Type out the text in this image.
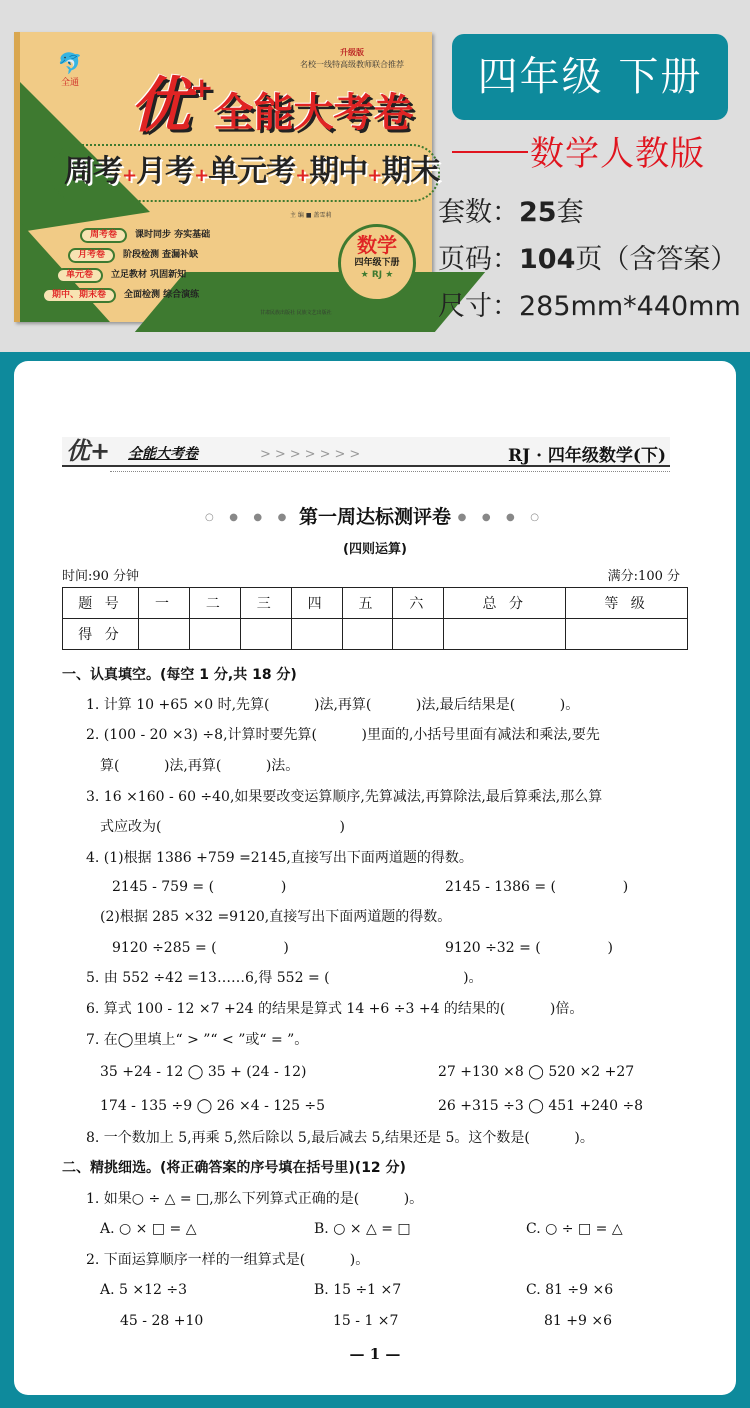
🐬
全通
升级版
名校一线特高级教师联合推荐
优+全能大考卷
周考+月考+单元考+期中+期末
主 编 ■ 盖雪莉
周考卷	课时同步 夯实基础
月考卷	阶段检测 查漏补缺
单元卷	立足教材 巩固新知
期中、期末卷	全面检测 综合演练
数学
四年级下册
★ RJ ★
甘肃民族出版社 民族文艺出版社
四年级 下册
数学人教版
套数：25套
页码：104页（含答案）
尺寸：285mm*440mm
优+ 全能大考卷	>>>>>>>	RJ · 四年级数学(下)
○ ● ● ● 第一周达标测评卷 ● ● ● ○
(四则运算)
时间:90 分钟	满分:100 分
题 号	一	二	三	四	五	六	总 分	等 级
得 分								
一、认真填空。(每空 1 分,共 18 分)
1. 计算 10 +65 ×0 时,先算(          )法,再算(          )法,最后结果是(          )。
2. (100 - 20 ×3) ÷8,计算时要先算(          )里面的,小括号里面有减法和乘法,要先
算(          )法,再算(          )法。
3. 16 ×160 - 60 ÷40,如果要改变运算顺序,先算减法,再算除法,最后算乘法,那么算
式应改为(                                        )
4. (1)根据 1386 +759 =2145,直接写出下面两道题的得数。
2145 - 759 = (               )	2145 - 1386 = (               )
(2)根据 285 ×32 =9120,直接写出下面两道题的得数。
9120 ÷285 = (               )	9120 ÷32 = (               )
5. 由 552 ÷42 =13……6,得 552 = (                              )。
6. 算式 100 - 12 ×7 +24 的结果是算式 14 +6 ÷3 +4 的结果的(          )倍。
7. 在◯里填上“ > ”“ < ”或“ = ”。
35 +24 - 12 ◯ 35 + (24 - 12)	27 +130 ×8 ◯ 520 ×2 +27
174 - 135 ÷9 ◯ 26 ×4 - 125 ÷5	26 +315 ÷3 ◯ 451 +240 ÷8
8. 一个数加上 5,再乘 5,然后除以 5,最后减去 5,结果还是 5。这个数是(          )。
二、精挑细选。(将正确答案的序号填在括号里)(12 分)
1. 如果○ ÷ △ = □,那么下列算式正确的是(          )。
A. ○ × □ = △	B. ○ × △ = □	C. ○ ÷ □ = △
2. 下面运算顺序一样的一组算式是(          )。
A. 5 ×12 ÷3	B. 15 ÷1 ×7	C. 81 ÷9 ×6
45 - 28 +10	15 - 1 ×7	81 +9 ×6
— 1 —
